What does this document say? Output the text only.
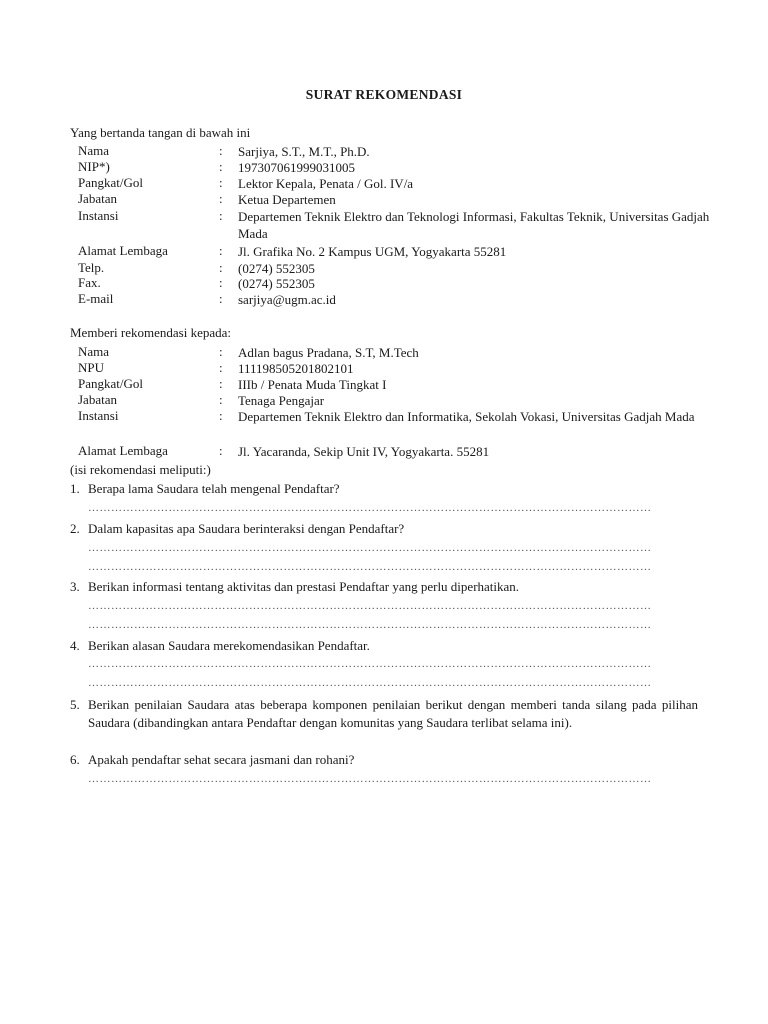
SURAT REKOMENDASI
Yang bertanda tangan di bawah ini
Nama	: Sarjiya, S.T., M.T., Ph.D.
NIP*)	: 197307061999031005
Pangkat/Gol	: Lektor Kepala, Penata / Gol. IV/a
Jabatan	: Ketua Departemen
Instansi	: Departemen Teknik Elektro dan Teknologi Informasi, Fakultas Teknik, Universitas Gadjah Mada
Alamat Lembaga	: Jl. Grafika No. 2 Kampus UGM, Yogyakarta 55281
Telp.	: (0274) 552305
Fax.	: (0274) 552305
E-mail	: sarjiya@ugm.ac.id
Memberi rekomendasi kepada:
Nama	: Adlan bagus Pradana, S.T, M.Tech
NPU	: 111198505201802101
Pangkat/Gol	: IIIb / Penata Muda Tingkat I
Jabatan	: Tenaga Pengajar
Instansi	: Departemen Teknik Elektro dan Informatika, Sekolah Vokasi, Universitas Gadjah Mada
Alamat Lembaga	: Jl. Yacaranda, Sekip Unit IV, Yogyakarta. 55281
(isi rekomendasi meliputi:)
1. Berapa lama Saudara telah mengenal Pendaftar?
…………………………………………………………………………………………………………………………………
2. Dalam kapasitas apa Saudara berinteraksi dengan Pendaftar?
…………………………………………………………………………………………………………………………………
…………………………………………………………………………………………………………………………………
3. Berikan informasi tentang aktivitas dan prestasi Pendaftar yang perlu diperhatikan.
…………………………………………………………………………………………………………………………………
…………………………………………………………………………………………………………………………………
4. Berikan alasan Saudara merekomendasikan Pendaftar.
…………………………………………………………………………………………………………………………………
…………………………………………………………………………………………………………………………………
5. Berikan penilaian Saudara atas beberapa komponen penilaian berikut dengan memberi tanda silang pada pilihan Saudara (dibandingkan antara Pendaftar dengan komunitas yang Saudara terlibat selama ini).
6. Apakah pendaftar sehat secara jasmani dan rohani?
…………………………………………………………………………………………………………………………………
